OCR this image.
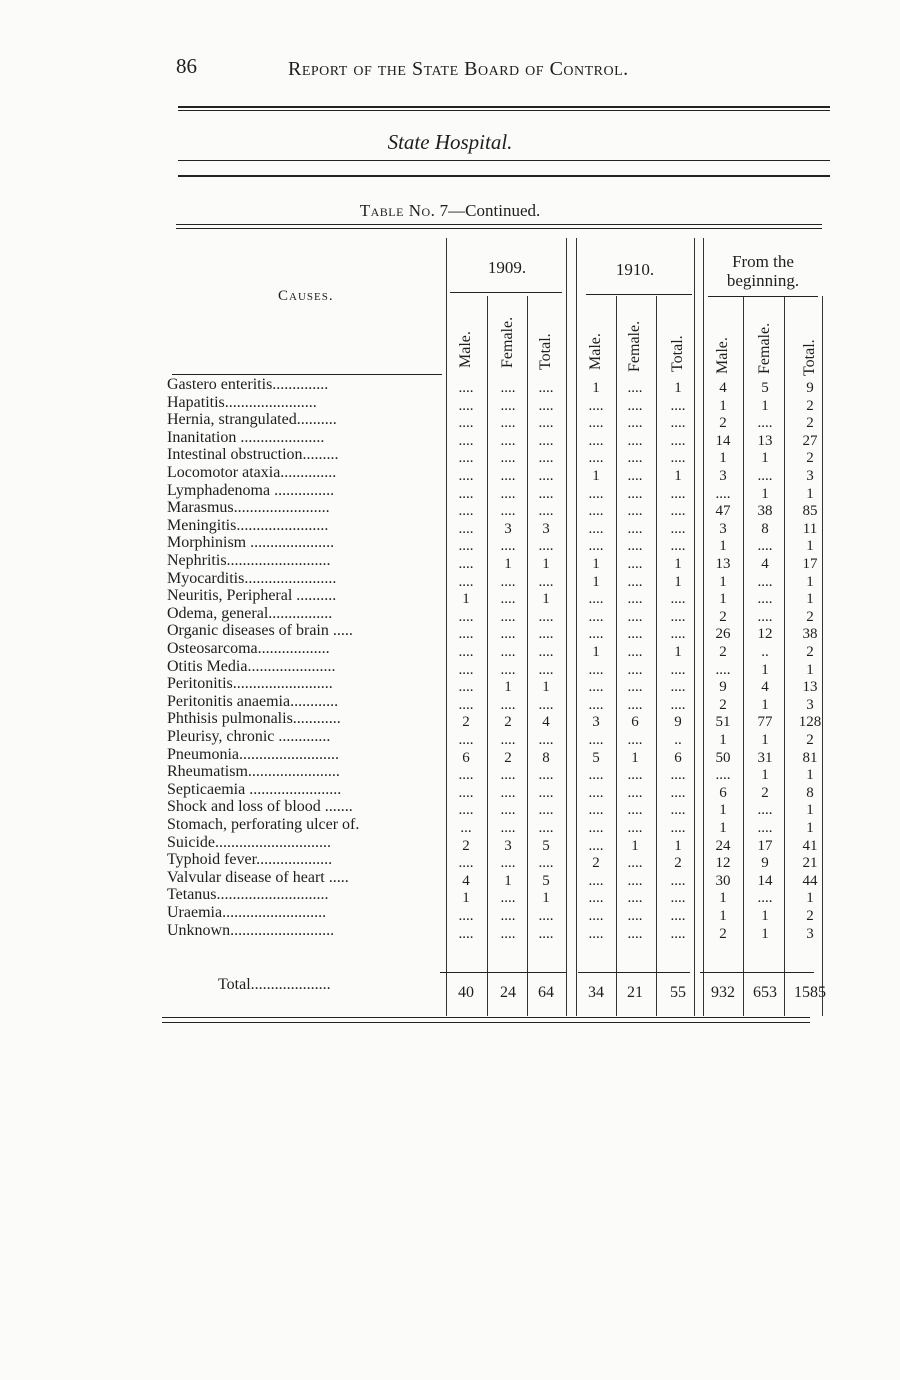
86	Report of the State Board of Control.
State Hospital.
Table No. 7—Continued.
Causes.
1909.	1910.	From the beginning.
Male. Female. Total. Male. Female. Total. Male. Female. Total.
Gastero enteritis..............	....	....	....	1	....	1	4	5	9
Hapatitis.......................	....	....	....	....	....	....	1	1	2
Hernia, strangulated..........	....	....	....	....	....	....	2	....	2
Inanitation .....................	....	....	....	....	....	....	14	13	27
Intestinal obstruction.........	....	....	....	....	....	....	1	1	2
Locomotor ataxia..............	....	....	....	1	....	1	3	....	3
Lymphadenoma ...............	....	....	....	....	....	....	....	1	1
Marasmus........................	....	....	....	....	....	....	47	38	85
Meningitis.......................	....	3	3	....	....	....	3	8	11
Morphinism .....................	....	....	....	....	....	....	1	....	1
Nephritis..........................	....	1	1	1	....	1	13	4	17
Myocarditis.......................	....	....	....	1	....	1	1	....	1
Neuritis, Peripheral ..........	1	....	1	....	....	....	1	....	1
Odema, general................	....	....	....	....	....	....	2	....	2
Organic diseases of brain .....	....	....	....	....	....	....	26	12	38
Osteosarcoma..................	....	....	....	1	....	1	2	..	2
Otitis Media......................	....	....	....	....	....	....	....	1	1
Peritonitis.........................	....	1	1	....	....	....	9	4	13
Peritonitis anaemia............	....	....	....	....	....	....	2	1	3
Phthisis pulmonalis............	2	2	4	3	6	9	51	77	128
Pleurisy, chronic .............	....	....	....	....	....	..	1	1	2
Pneumonia.........................	6	2	8	5	1	6	50	31	81
Rheumatism.......................	....	....	....	....	....	....	....	1	1
Septicaemia .......................	....	....	....	....	....	....	6	2	8
Shock and loss of blood .......	....	....	....	....	....	....	1	....	1
Stomach, perforating ulcer of.	...	....	....	....	....	....	1	....	1
Suicide.............................	2	3	5	....	1	1	24	17	41
Typhoid fever...................	....	....	....	2	....	2	12	9	21
Valvular disease of heart .....	4	1	5	....	....	....	30	14	44
Tetanus............................	1	....	1	....	....	....	1	....	1
Uraemia..........................	....	....	....	....	....	....	1	1	2
Unknown..........................	....	....	....	....	....	....	2	1	3
Total....................	40	24	64	34	21	55	932	653	1585
